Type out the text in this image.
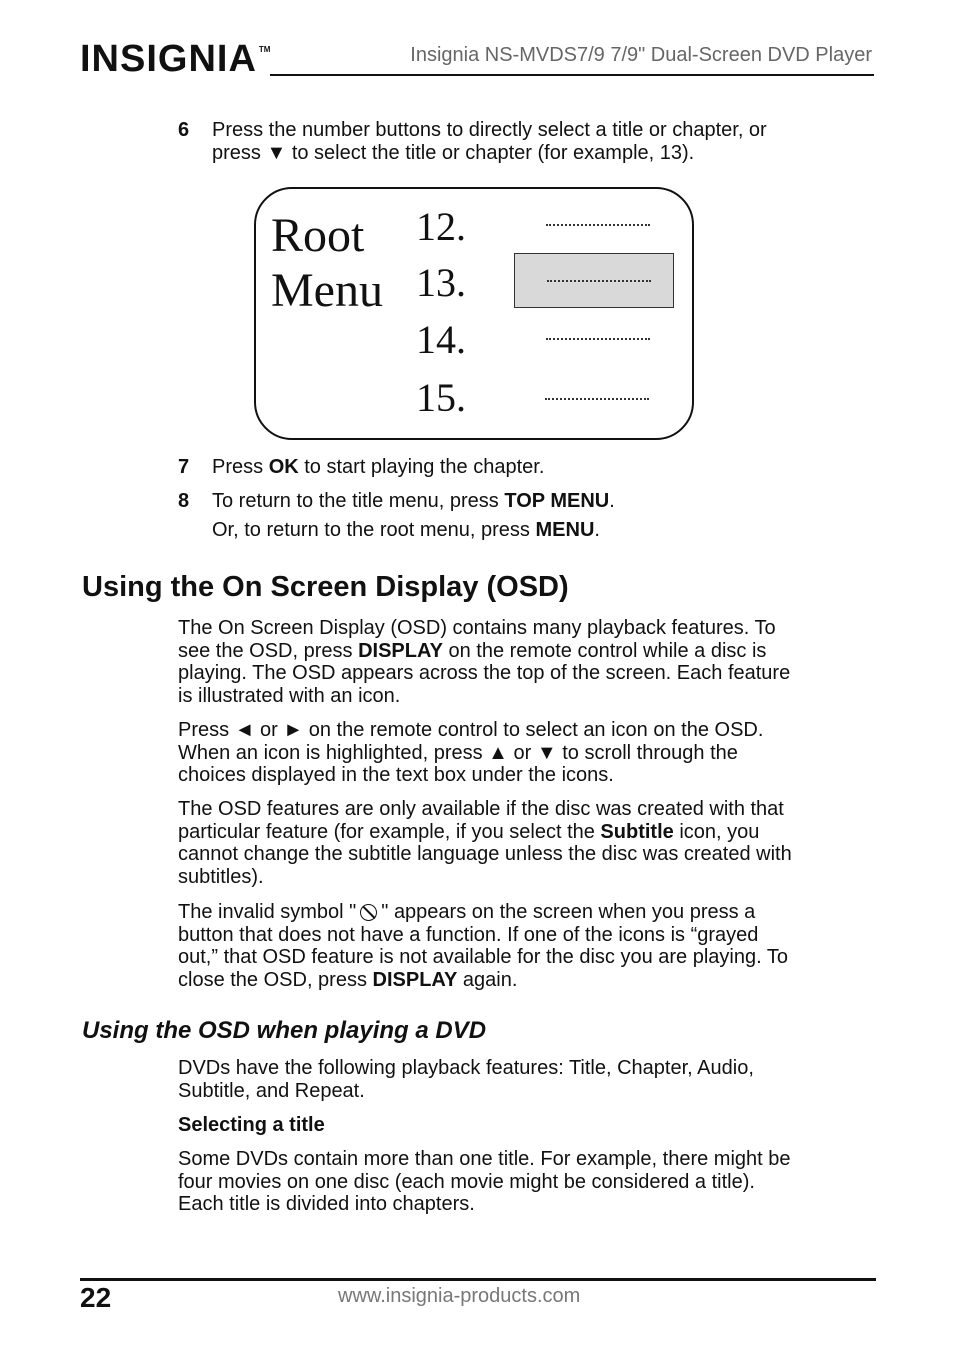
INSIGNIA ™	Insignia NS-MVDS7/9 7/9" Dual-Screen DVD Player
6 Press the number buttons to directly select a title or chapter, or
press ▼ to select the title or chapter (for example, 13).
Root
Menu
12.
13.
14.
15.
7 Press OK to start playing the chapter.
8 To return to the title menu, press TOP MENU.
Or, to return to the root menu, press MENU.
Using the On Screen Display (OSD)
The On Screen Display (OSD) contains many playback features. To
see the OSD, press DISPLAY on the remote control while a disc is
playing. The OSD appears across the top of the screen. Each feature
is illustrated with an icon.
Press ◄ or ► on the remote control to select an icon on the OSD.
When an icon is highlighted, press ▲ or ▼ to scroll through the
choices displayed in the text box under the icons.
The OSD features are only available if the disc was created with that
particular feature (for example, if you select the Subtitle icon, you
cannot change the subtitle language unless the disc was created with
subtitles).
The invalid symbol " " appears on the screen when you press a
button that does not have a function. If one of the icons is “grayed
out,” that OSD feature is not available for the disc you are playing. To
close the OSD, press DISPLAY again.
Using the OSD when playing a DVD
DVDs have the following playback features: Title, Chapter, Audio,
Subtitle, and Repeat.
Selecting a title
Some DVDs contain more than one title. For example, there might be
four movies on one disc (each movie might be considered a title).
Each title is divided into chapters.
22	www.insignia-products.com
